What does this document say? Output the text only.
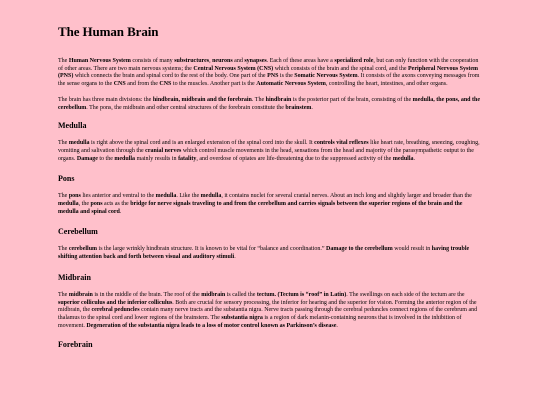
The Human Brain

The Human Nervous System consists of many substructures, neurons and synapses. Each of these areas have a specialized role, but can only function with the cooperation of other areas. There are two main nervous systems; the Central Nervous System (CNS) which consists of the brain and the spinal cord, and the Peripheral Nervous System (PNS) which connects the brain and spinal cord to the rest of the body. One part of the PNS is the Somatic Nervous System. It consists of the axons conveying messages from the sense organs to the CNS and from the CNS to the muscles. Another part is the Automatic Nervous System, controlling the heart, intestines, and other organs.

The brain has three main divisions: the hindbrain, midbrain and the forebrain. The hindbrain is the posterior part of the brain, consisting of the medulla, the pons, and the cerebellum. The pons, the midbrain and other central structures of the forebrain constitute the brainstem.

Medulla

The medulla is right above the spinal cord and is an enlarged extension of the spinal cord into the skull. It controls vital reflexes like heart rate, breathing, sneezing, coughing, vomiting and salivation through the cranial nerves which control muscle movements in the head, sensations from the head and majority of the parasympathetic output to the organs. Damage to the medulla mainly results in fatality, and overdose of opiates are life-threatening due to the suppressed activity of the medulla.

Pons

The pons lies anterior and ventral to the medulla. Like the medulla, it contains nuclei for several cranial nerves. About an inch long and slightly larger and broader than the medulla, the pons acts as the bridge for nerve signals traveling to and from the cerebellum and carries signals between the superior regions of the brain and the medulla and spinal cord.

Cerebellum

The cerebellum is the large wrinkly hindbrain structure. It is known to be vital for “balance and coordination.” Damage to the cerebellum would result in having trouble shifting attention back and forth between visual and auditory stimuli.

Midbrain

The midbrain is in the middle of the brain. The roof of the midbrain is called the tectum. (Tectum is “roof” in Latin). The swellings on each side of the tectum are the superior colliculus and the inferior colliculus. Both are crucial for sensory processing, the inferior for hearing and the superior for vision. Forming the anterior region of the midbrain, the cerebral peduncles contain many nerve tracts and the substantia nigra. Nerve tracts passing through the cerebral peduncles connect regions of the cerebrum and thalamus to the spinal cord and lower regions of the brainstem. The substantia nigra is a region of dark melanin-containing neurons that is involved in the inhibition of movement. Degeneration of the substantia nigra leads to a loss of motor control known as Parkinson’s disease.

Forebrain
